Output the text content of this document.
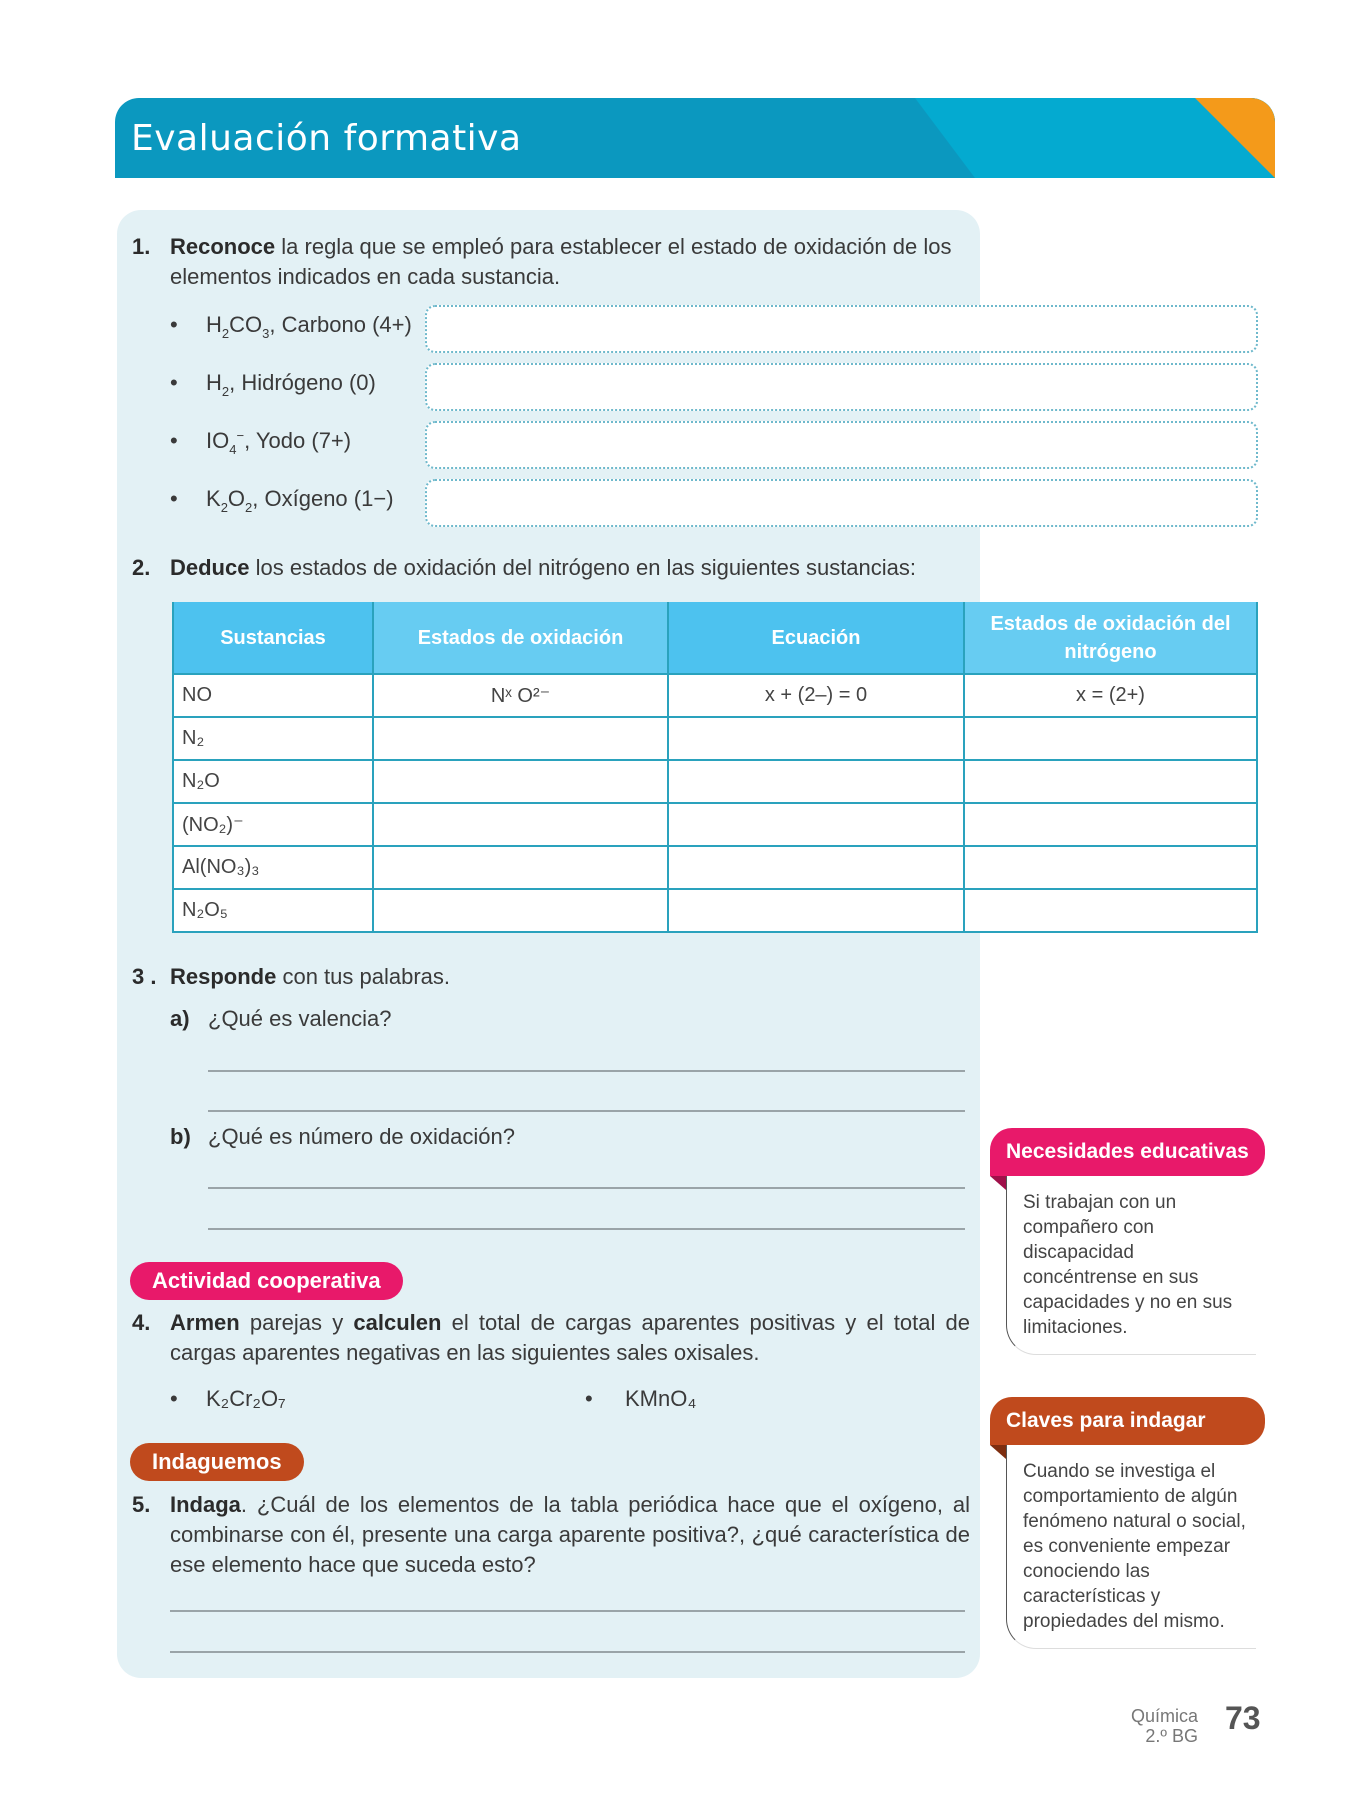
Evaluación formativa
DUA
Acción y expresión
1. Reconoce la regla que se empleó para establecer el estado de oxidación de los elementos indicados en cada sustancia.
• $H_2CO_3$, Carbono (4+)
• $H_2$, Hidrógeno (0)
• $IO_4^-$, Yodo (7+)
• $K_2O_2$, Oxígeno (1−)
2. Deduce los estados de oxidación del nitrógeno en las siguientes sustancias:
Sustancias	Estados de oxidación	Ecuación	Estados de oxidación del nitrógeno
NO	Nˣ O²⁻	x + (2–) = 0	x = (2+)
N₂			
N₂O			
(NO₂)⁻			
Al(NO₃)₃			
N₂O₅			
3 . Responde con tus palabras.
a) ¿Qué es valencia?
b) ¿Qué es número de oxidación?
Actividad cooperativa
4. Armen parejas y calculen el total de cargas aparentes positivas y el total de cargas aparentes negativas en las siguientes sales oxisales.
• K₂Cr₂O₇	• KMnO₄
Indaguemos
5. Indaga. ¿Cuál de los elementos de la tabla periódica hace que el oxígeno, al combinarse con él, presente una carga aparente positiva?, ¿qué característica de ese elemento hace que suceda esto?
Necesidades educativas
Si trabajan con un compañero con discapacidad concéntrense en sus capacidades y no en sus limitaciones.
Claves para indagar
Cuando se investiga el comportamiento de algún fenómeno natural o social, es conveniente empezar conociendo las características y propiedades del mismo.
Química
2.º BG 73
